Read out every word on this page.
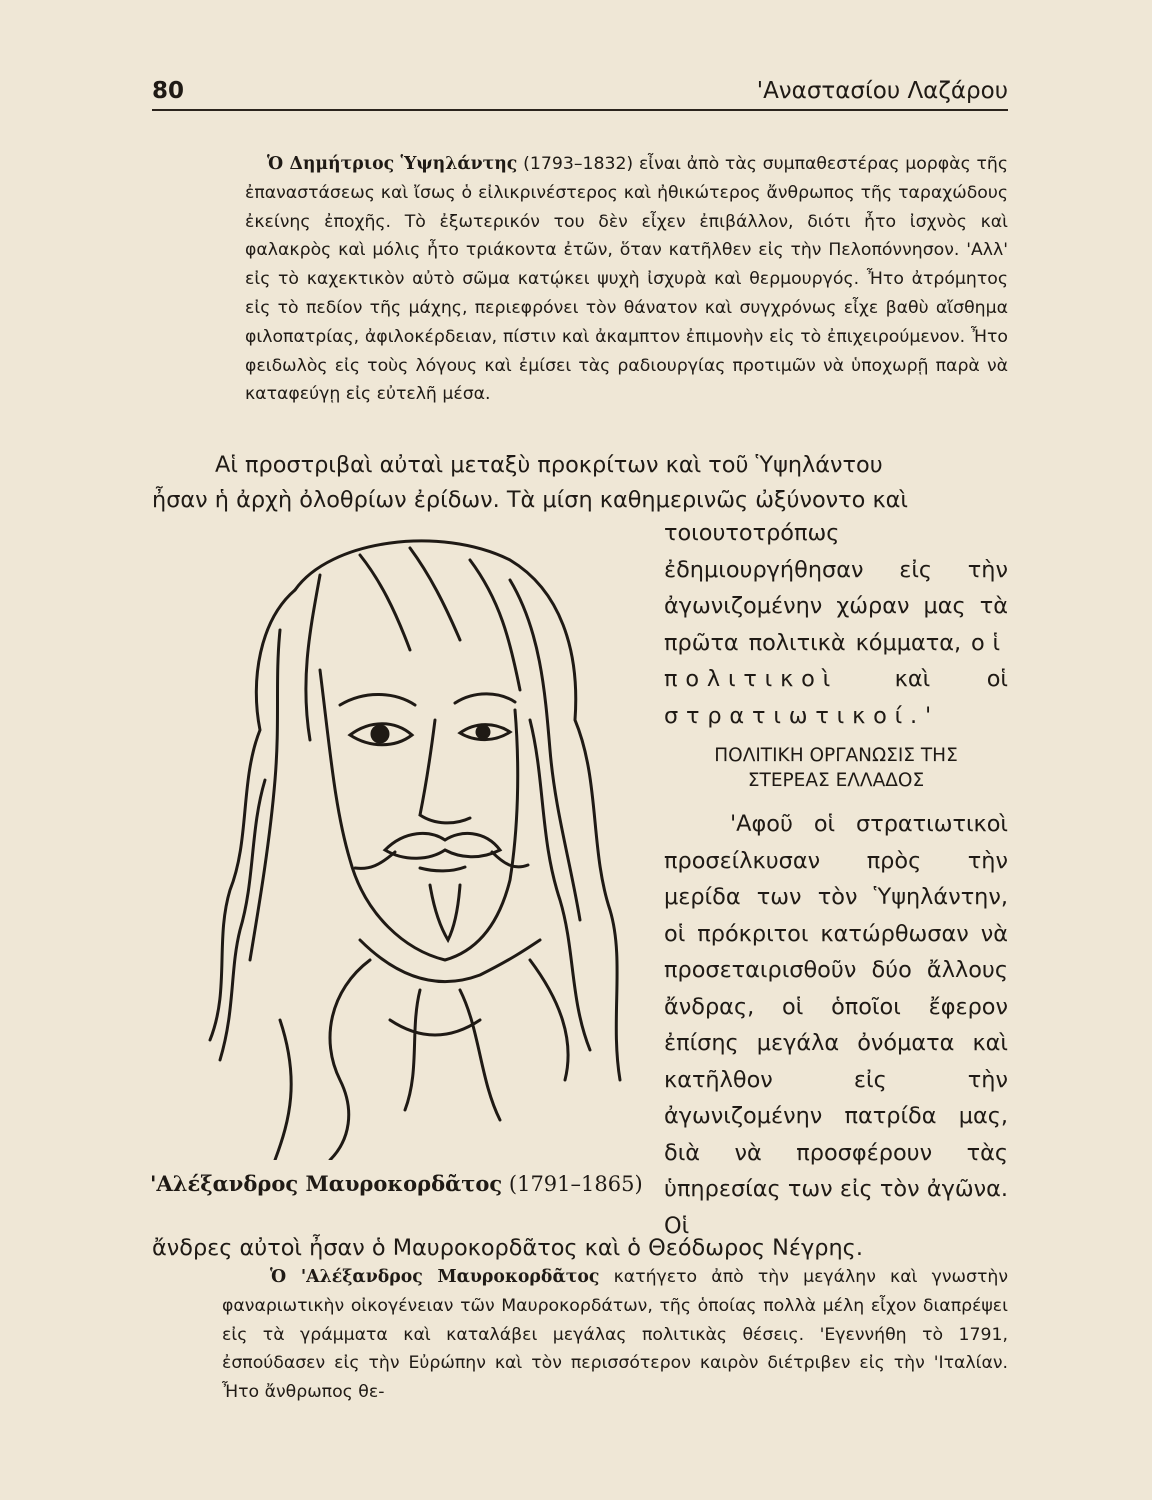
80	'Αναστασίου Λαζάρου

Ὁ Δημήτριος Ὑψηλάντης (1793–1832) εἶναι ἀπὸ τὰς συμπαθεστέρας μορφὰς τῆς ἐπαναστάσεως καὶ ἴσως ὁ εἰλικρινέστερος καὶ ἠθικώτερος ἄνθρωπος τῆς ταραχώδους ἐκείνης ἐποχῆς. Τὸ ἐξωτερικόν του δὲν εἶχεν ἐπιβάλλον, διότι ἦτο ἰσχνὸς καὶ φαλακρὸς καὶ μόλις ἦτο τριάκοντα ἐτῶν, ὅταν κατῆλθεν εἰς τὴν Πελοπόννησον. 'Αλλ' εἰς τὸ καχεκτικὸν αὐτὸ σῶμα κατῴκει ψυχὴ ἰσχυρὰ καὶ θερμουργός. Ἦτο ἀτρόμητος εἰς τὸ πεδίον τῆς μάχης, περιεφρόνει τὸν θάνατον καὶ συγχρόνως εἶχε βαθὺ αἴσθημα φιλοπατρίας, ἀφιλοκέρδειαν, πίστιν καὶ ἀκαμπτον ἐπιμονὴν εἰς τὸ ἐπιχειρούμενον. Ἦτο φειδωλὸς εἰς τοὺς λόγους καὶ ἐμίσει τὰς ραδιουργίας προτιμῶν νὰ ὑποχωρῇ παρὰ νὰ καταφεύγῃ εἰς εὐτελῆ μέσα.

Αἱ προστριβαὶ αὐταὶ μεταξὺ προκρίτων καὶ τοῦ Ὑψηλάντου
ἦσαν ἡ ἀρχὴ ὀλοθρίων ἐρίδων. Τὰ μίση καθημερινῶς ὠξύνοντο καὶ

τοιουτοτρόπως ἐδημιουργήθησαν εἰς τὴν ἀγωνιζομένην χώραν μας τὰ πρῶτα πολιτικὰ κόμματα, οἱ πολιτικοὶ καὶ οἱ στρατιωτικοί.'

ΠΟΛΙΤΙΚΗ ΟΡΓΑΝΩΣΙΣ ΤΗΣ
ΣΤΕΡΕΑΣ ΕΛΛΑΔΟΣ

'Αφοῦ οἱ στρατιωτικοὶ προσείλκυσαν πρὸς τὴν μερίδα των τὸν Ὑψηλάντην, οἱ πρόκριτοι κατώρθωσαν νὰ προσεταιρισθοῦν δύο ἄλλους ἄνδρας, οἱ ὁποῖοι ἔφερον ἐπίσης μεγάλα ὀνόματα καὶ κατῆλθον εἰς τὴν ἀγωνιζομένην πατρίδα μας, διὰ νὰ προσφέρουν τὰς ὑπηρεσίας των εἰς τὸν ἀγῶνα. Οἱ

'Αλέξανδρος Μαυροκορδᾶτος (1791–1865)

ἄνδρες αὐτοὶ ἦσαν ὁ Μαυροκορδᾶτος καὶ ὁ Θεόδωρος Νέγρης.

Ὁ 'Αλέξανδρος Μαυροκορδᾶτος κατήγετο ἀπὸ τὴν μεγάλην καὶ γνωστὴν φαναριωτικὴν οἰκογένειαν τῶν Μαυροκορδάτων, τῆς ὁποίας πολλὰ μέλη εἶχον διαπρέψει εἰς τὰ γράμματα καὶ καταλάβει μεγάλας πολιτικὰς θέσεις. 'Εγεννήθη τὸ 1791, ἐσπούδασεν εἰς τὴν Εὐρώπην καὶ τὸν περισσότερον καιρὸν διέτριβεν εἰς τὴν 'Ιταλίαν. Ἦτο ἄνθρωπος θε-
